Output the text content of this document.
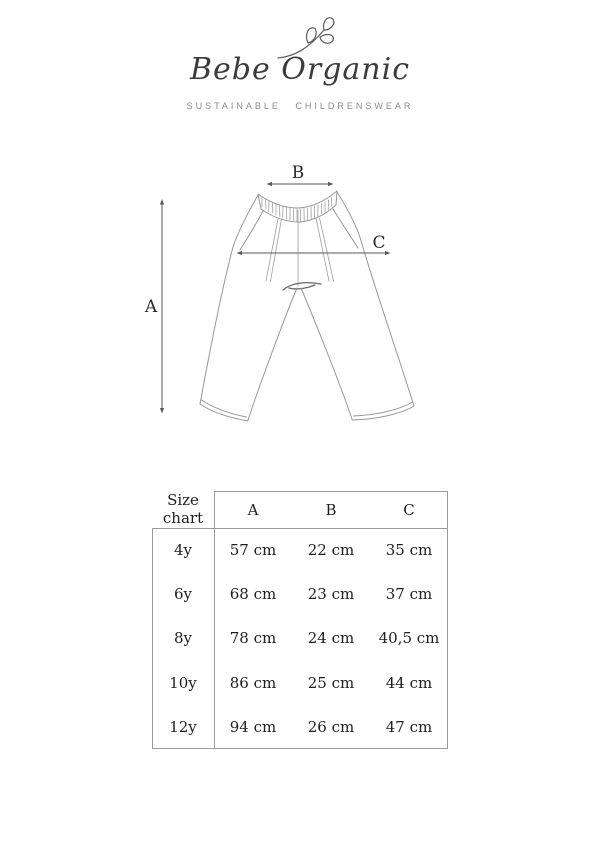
Bebe Organic
SUSTAINABLE CHILDRENSWEAR
A
B
C
Size chart	A	B	C
4y	57 cm	22 cm	35 cm
6y	68 cm	23 cm	37 cm
8y	78 cm	24 cm	40,5 cm
10y	86 cm	25 cm	44 cm
12y	94 cm	26 cm	47 cm
